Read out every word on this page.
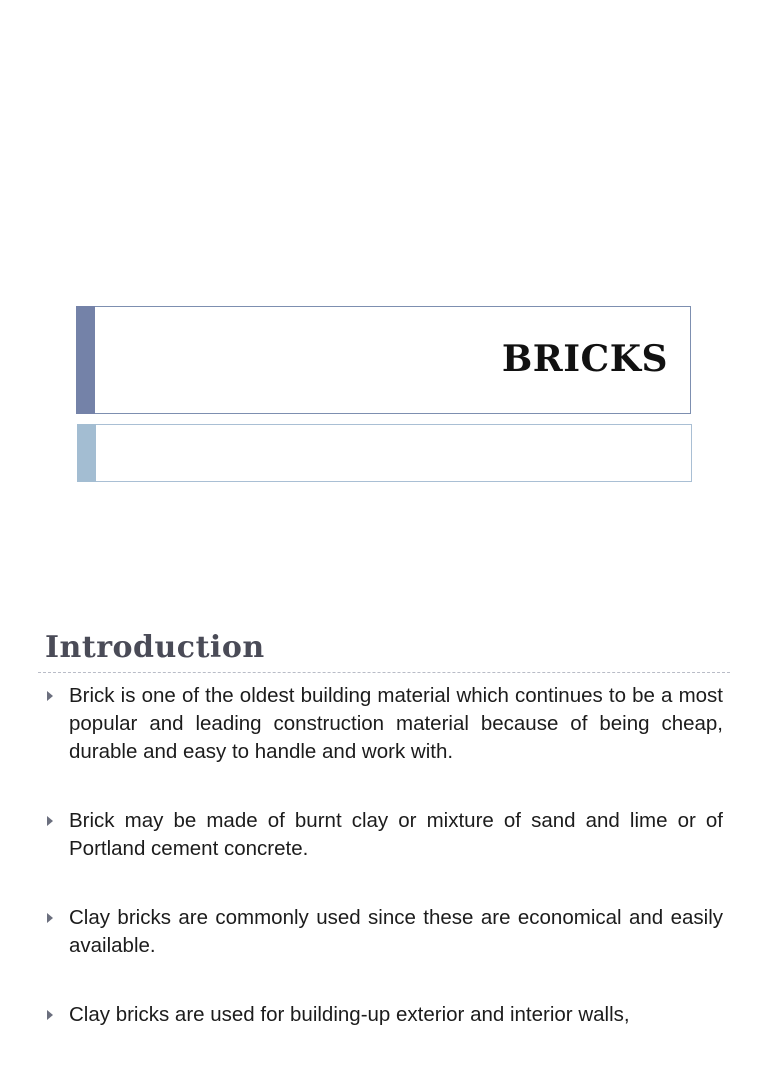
BRICKS
Introduction
Brick is one of the oldest building material which continues to be a most popular and leading construction material because of being cheap, durable and easy to handle and work with.
Brick may be made of burnt clay or mixture of sand and lime or of Portland cement concrete.
Clay bricks are commonly used since these are economical and easily available.
Clay bricks are used for building-up exterior and interior walls,
